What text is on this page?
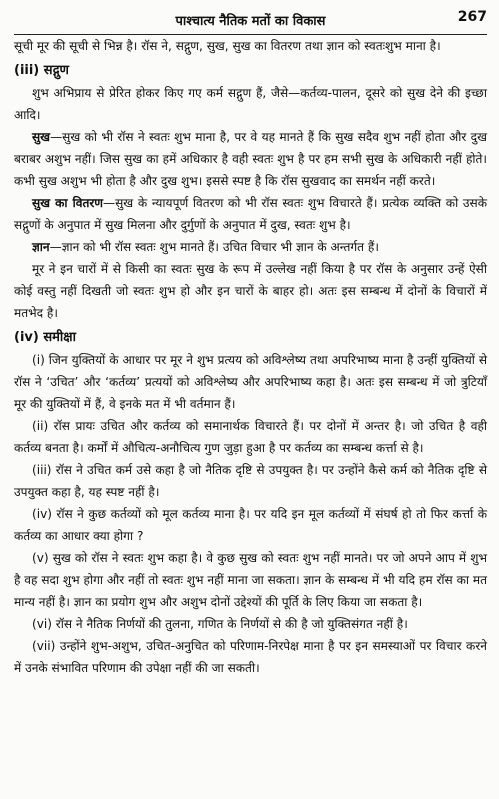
पाश्चात्य नैतिक मतों का विकास	267

सूची मूर की सूची से भिन्न है। रॉस ने, सद्गुण, सुख, सुख का वितरण तथा ज्ञान को स्वतःशुभ माना है।

(iii) सद्गुण

शुभ अभिप्राय से प्रेरित होकर किए गए कर्म सद्गुण हैं, जैसे—कर्तव्य-पालन, दूसरे को सुख देने की इच्छा आदि।

सुख—सुख को भी रॉस ने स्वतः शुभ माना है, पर वे यह मानते हैं कि सुख सदैव शुभ नहीं होता और दुख बराबर अशुभ नहीं। जिस सुख का हमें अधिकार है वही स्वतः शुभ है पर हम सभी सुख के अधिकारी नहीं होते। कभी सुख अशुभ भी होता है और दुख शुभ। इससे स्पष्ट है कि रॉस सुखवाद का समर्थन नहीं करते।

सुख का वितरण—सुख के न्यायपूर्ण वितरण को भी रॉस स्वतः शुभ विचारते हैं। प्रत्येक व्यक्ति को उसके सद्गुणों के अनुपात में सुख मिलना और दुर्गुणों के अनुपात में दुख, स्वतः शुभ है।

ज्ञान—ज्ञान को भी रॉस स्वतः शुभ मानते हैं। उचित विचार भी ज्ञान के अन्तर्गत हैं।

मूर ने इन चारों में से किसी का स्वतः सुख के रूप में उल्लेख नहीं किया है पर रॉस के अनुसार उन्हें ऐसी कोई वस्तु नहीं दिखती जो स्वतः शुभ हो और इन चारों के बाहर हो। अतः इस सम्बन्ध में दोनों के विचारों में मतभेद है।

(iv) समीक्षा

(i) जिन युक्तियों के आधार पर मूर ने शुभ प्रत्यय को अविश्लेष्य तथा अपरिभाष्य माना है उन्हीं युक्तियों से रॉस ने ‘उचित’ और ‘कर्तव्य’ प्रत्ययों को अविश्लेष्य और अपरिभाष्य कहा है। अतः इस सम्बन्ध में जो त्रुटियाँ मूर की युक्तियों में हैं, वे इनके मत में भी वर्तमान हैं।

(ii) रॉस प्रायः उचित और कर्तव्य को समानार्थक विचारते हैं। पर दोनों में अन्तर है। जो उचित है वही कर्तव्य बनता है। कर्मों में औचित्य-अनौचित्य गुण जुड़ा हुआ है पर कर्तव्य का सम्बन्ध कर्त्ता से है।

(iii) रॉस ने उचित कर्म उसे कहा है जो नैतिक दृष्टि से उपयुक्त है। पर उन्होंने कैसे कर्म को नैतिक दृष्टि से उपयुक्त कहा है, यह स्पष्ट नहीं है।

(iv) रॉस ने कुछ कर्तव्यों को मूल कर्तव्य माना है। पर यदि इन मूल कर्तव्यों में संघर्ष हो तो फिर कर्त्ता के कर्तव्य का आधार क्या होगा ?

(v) सुख को रॉस ने स्वतः शुभ कहा है। वे कुछ सुख को स्वतः शुभ नहीं मानते। पर जो अपने आप में शुभ है वह सदा शुभ होगा और नहीं तो स्वतः शुभ नहीं माना जा सकता। ज्ञान के सम्बन्ध में भी यदि हम रॉस का मत मान्य नहीं है। ज्ञान का प्रयोग शुभ और अशुभ दोनों उद्देश्यों की पूर्ति के लिए किया जा सकता है।

(vi) रॉस ने नैतिक निर्णयों की तुलना, गणित के निर्णयों से की है जो युक्तिसंगत नहीं है।

(vii) उन्होंने शुभ-अशुभ, उचित-अनुचित को परिणाम-निरपेक्ष माना है पर इन समस्याओं पर विचार करने में उनके संभावित परिणाम की उपेक्षा नहीं की जा सकती।
